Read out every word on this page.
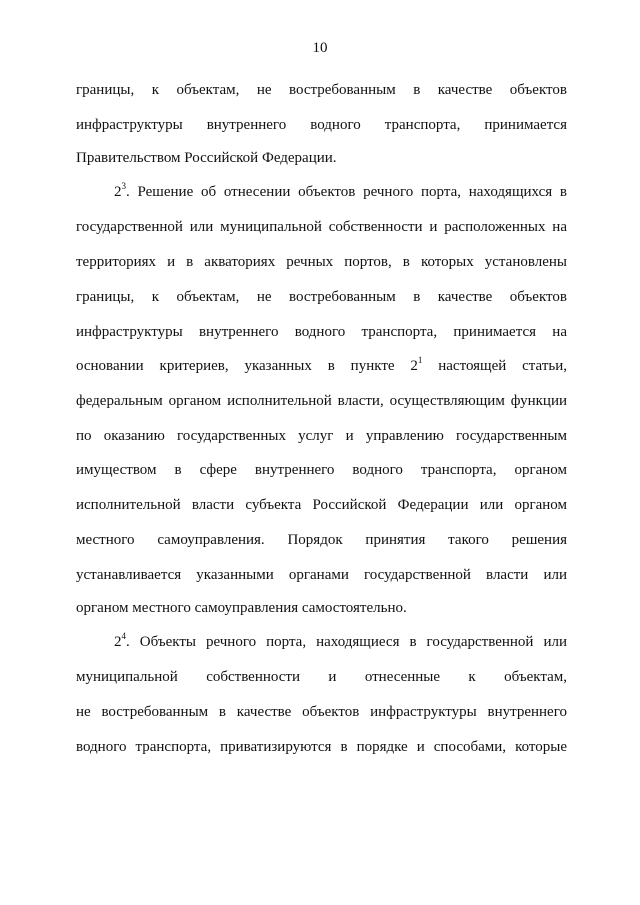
10
границы, к объектам, не востребованным в качестве объектов
инфраструктуры внутреннего водного транспорта, принимается
Правительством Российской Федерации.
$2^3$. Решение об отнесении объектов речного порта, находящихся в
государственной или муниципальной собственности и расположенных на
территориях и в акваториях речных портов, в которых установлены
границы, к объектам, не востребованным в качестве объектов
инфраструктуры внутреннего водного транспорта, принимается на
основании критериев, указанных в пункте $2^1$ настоящей статьи,
федеральным органом исполнительной власти, осуществляющим функции
по оказанию государственных услуг и управлению государственным
имуществом в сфере внутреннего водного транспорта, органом
исполнительной власти субъекта Российской Федерации или органом
местного самоуправления. Порядок принятия такого решения
устанавливается указанными органами государственной власти или
органом местного самоуправления самостоятельно.
$2^4$. Объекты речного порта, находящиеся в государственной или
муниципальной собственности и отнесенные к объектам,
не востребованным в качестве объектов инфраструктуры внутреннего
водного транспорта, приватизируются в порядке и способами, которые
